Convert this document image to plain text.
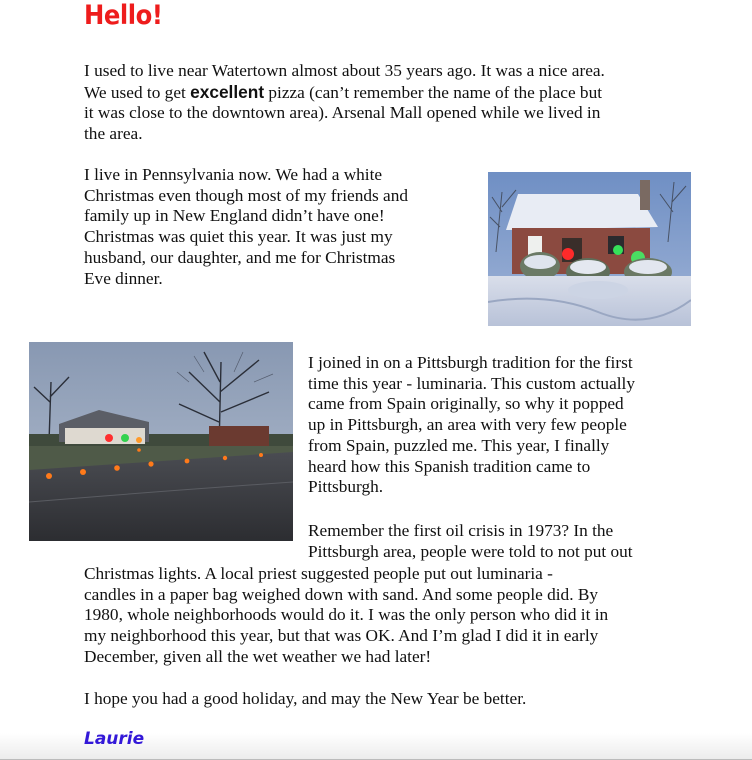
Hello!
I used to live near Watertown almost about 35 years ago. It was a nice area.
We used to get excellent pizza (can’t remember the name of the place but
it was close to the downtown area). Arsenal Mall opened while we lived in
the area.
I live in Pennsylvania now. We had a white
Christmas even though most of my friends and
family up in New England didn’t have one!
Christmas was quiet this year. It was just my
husband, our daughter, and me for Christmas
Eve dinner.
I joined in on a Pittsburgh tradition for the first
time this year - luminaria. This custom actually
came from Spain originally, so why it popped
up in Pittsburgh, an area with very few people
from Spain, puzzled me. This year, I finally
heard how this Spanish tradition came to
Pittsburgh.
Remember the first oil crisis in 1973? In the
Pittsburgh area, people were told to not put out
Christmas lights. A local priest suggested people put out luminaria -
candles in a paper bag weighed down with sand. And some people did. By
1980, whole neighborhoods would do it. I was the only person who did it in
my neighborhood this year, but that was OK. And I’m glad I did it in early
December, given all the wet weather we had later!
I hope you had a good holiday, and may the New Year be better.
Laurie
